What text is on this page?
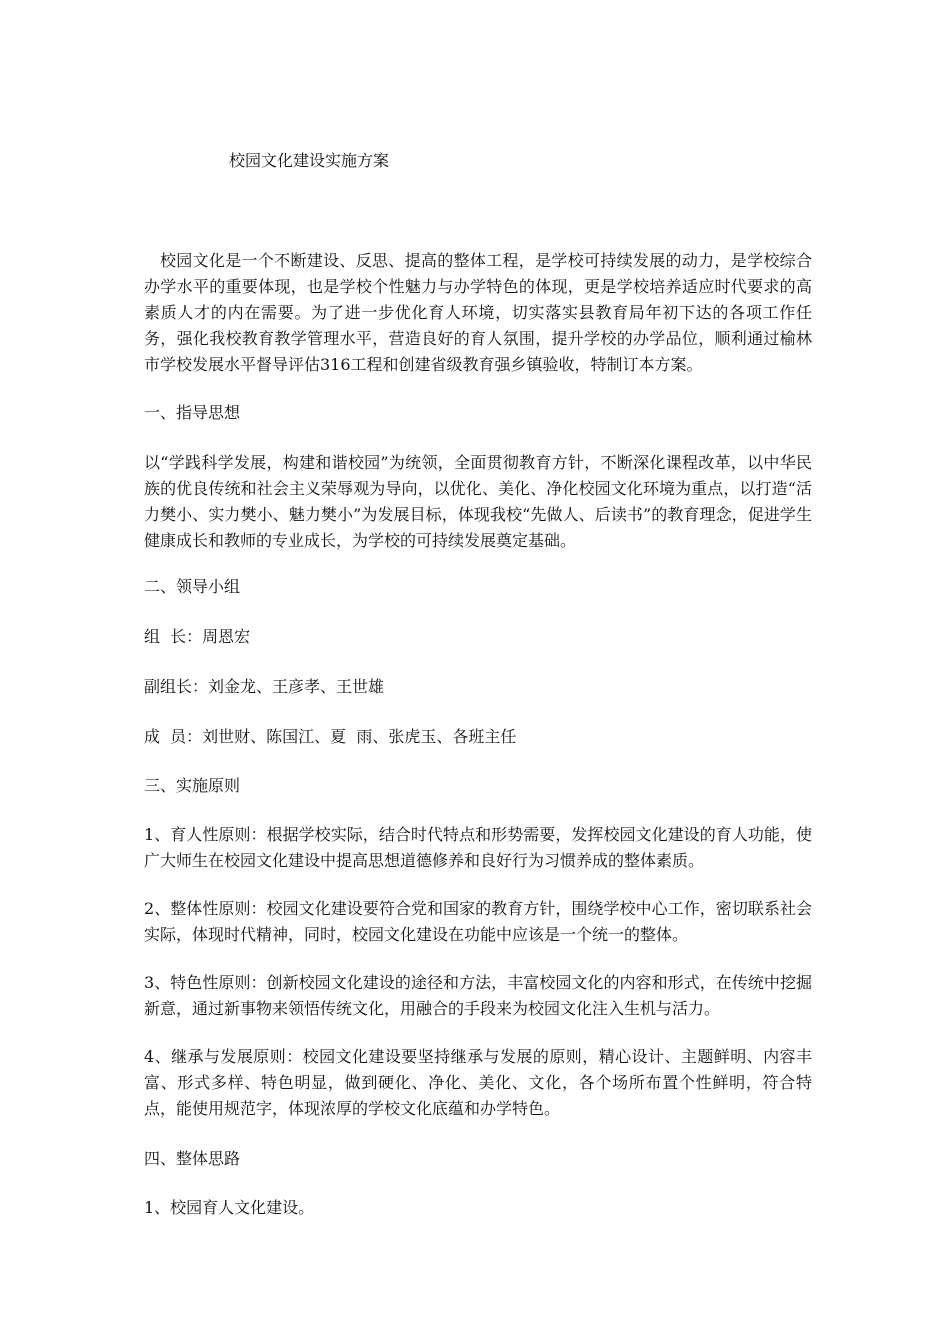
校园文化建设实施方案
校园文化是一个不断建设、反思、提高的整体工程，是学校可持续发展的动力，是学校综合办学水平的重要体现，也是学校个性魅力与办学特色的体现，更是学校培养适应时代要求的高素质人才的内在需要。为了进一步优化育人环境，切实落实县教育局年初下达的各项工作任务，强化我校教育教学管理水平，营造良好的育人氛围，提升学校的办学品位，顺利通过榆林市学校发展水平督导评估316工程和创建省级教育强乡镇验收，特制订本方案。
一、指导思想
以“学践科学发展，构建和谐校园”为统领，全面贯彻教育方针，不断深化课程改革，以中华民族的优良传统和社会主义荣辱观为导向，以优化、美化、净化校园文化环境为重点，以打造“活力樊小、实力樊小、魅力樊小”为发展目标，体现我校“先做人、后读书”的教育理念，促进学生健康成长和教师的专业成长，为学校的可持续发展奠定基础。
二、领导小组
组  长：周恩宏
副组长：刘金龙、王彦孝、王世雄
成  员：刘世财、陈国江、夏  雨、张虎玉、各班主任
三、实施原则
1、育人性原则：根据学校实际，结合时代特点和形势需要，发挥校园文化建设的育人功能，使广大师生在校园文化建设中提高思想道德修养和良好行为习惯养成的整体素质。
2、整体性原则：校园文化建设要符合党和国家的教育方针，围绕学校中心工作，密切联系社会实际，体现时代精神，同时，校园文化建设在功能中应该是一个统一的整体。
3、特色性原则：创新校园文化建设的途径和方法，丰富校园文化的内容和形式，在传统中挖掘新意，通过新事物来领悟传统文化，用融合的手段来为校园文化注入生机与活力。
4、继承与发展原则：校园文化建设要坚持继承与发展的原则，精心设计、主题鲜明、内容丰富、形式多样、特色明显，做到硬化、净化、美化、文化，各个场所布置个性鲜明，符合特点，能使用规范字，体现浓厚的学校文化底蕴和办学特色。
四、整体思路
1、校园育人文化建设。
